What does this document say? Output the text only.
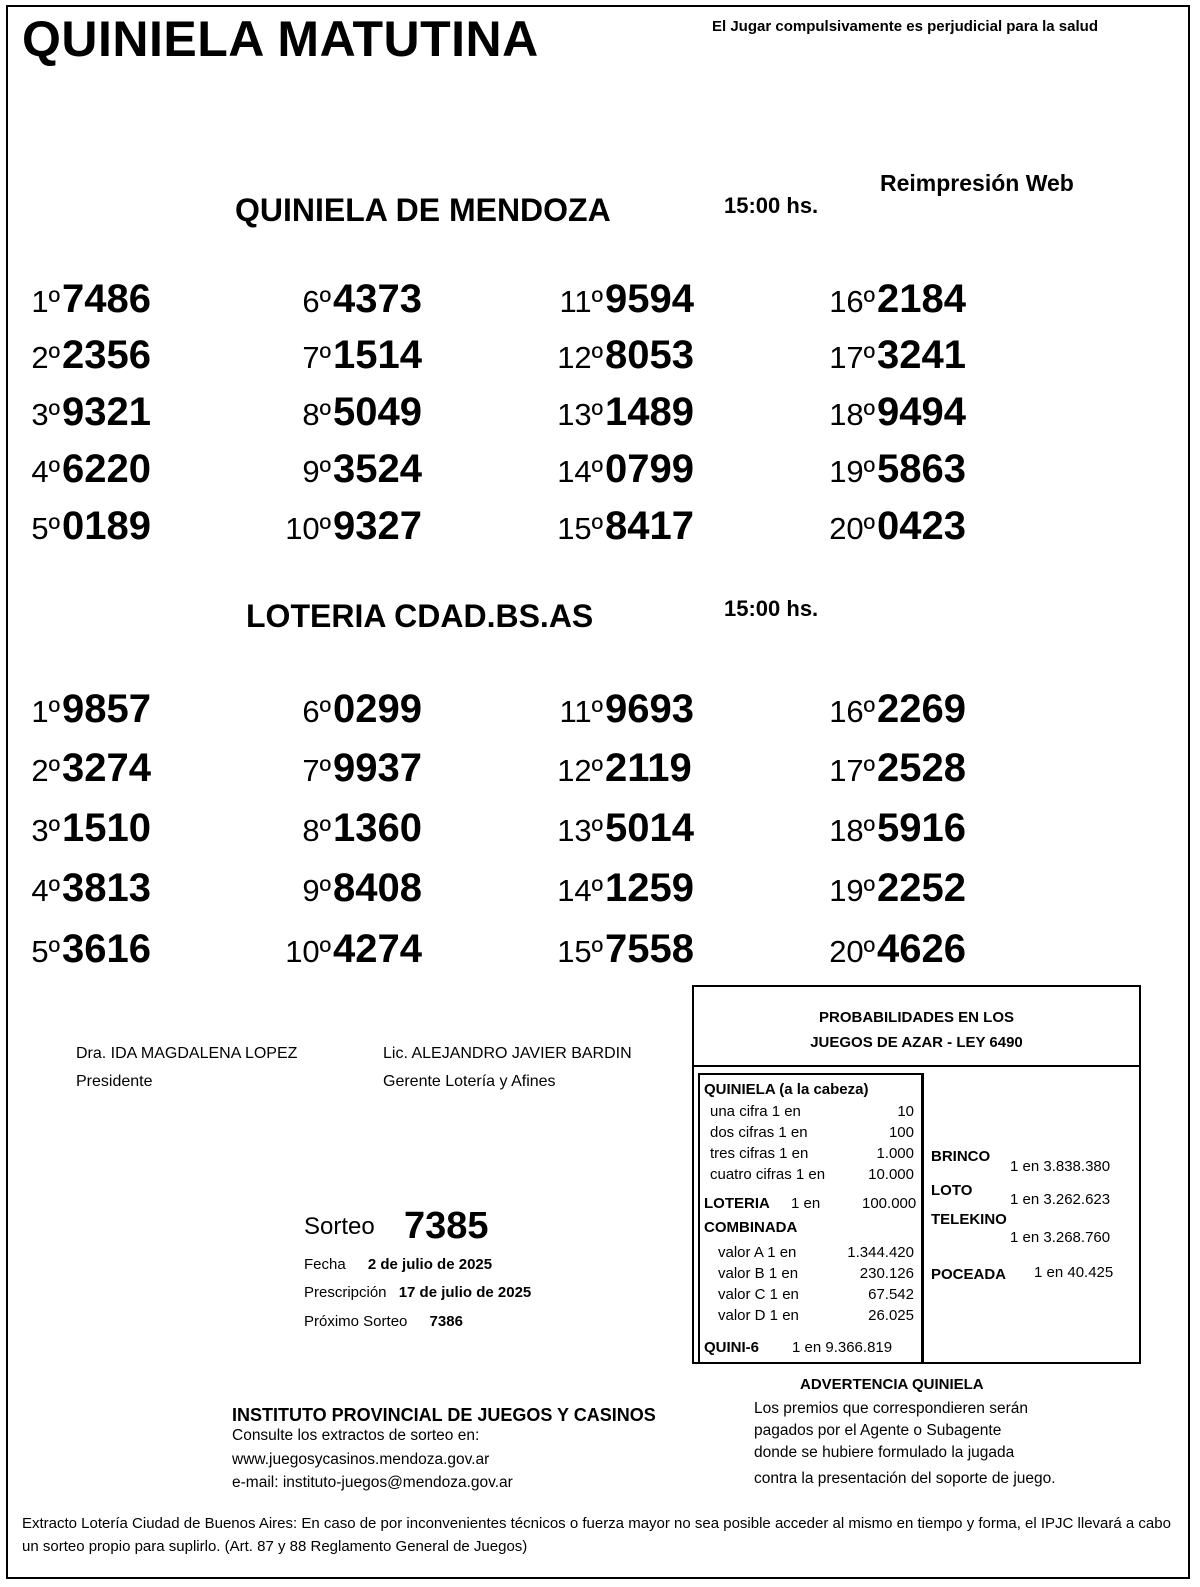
QUINIELA MATUTINA	El Jugar compulsivamente es perjudicial para la salud
Reimpresión Web
QUINIELA DE MENDOZA	15:00 hs.
1º 7486
2º 2356
3º 9321
4º 6220
5º 0189
6º 4373
7º 1514
8º 5049
9º 3524
10º 9327
11º 9594
12º 8053
13º 1489
14º 0799
15º 8417
16º 2184
17º 3241
18º 9494
19º 5863
20º 0423
LOTERIA CDAD.BS.AS	15:00 hs.
1º 9857
2º 3274
3º 1510
4º 3813
5º 3616
6º 0299
7º 9937
8º 1360
9º 8408
10º 4274
11º 9693
12º 2119
13º 5014
14º 1259
15º 7558
16º 2269
17º 2528
18º 5916
19º 2252
20º 4626
Dra. IDA MAGDALENA LOPEZ
Presidente
Lic. ALEJANDRO JAVIER BARDIN
Gerente Lotería y Afines
Sorteo 7385
Fecha 2 de julio de 2025
Prescripción 17 de julio de 2025
Próximo Sorteo 7386
PROBABILIDADES EN LOS
JUEGOS DE AZAR - LEY 6490
QUINIELA (a la cabeza)
una cifra 1 en	10
dos cifras 1 en	100
tres cifras 1 en	1.000
cuatro cifras 1 en	10.000
LOTERIA 1 en	100.000
COMBINADA
valor A 1 en	1.344.420
valor B 1 en	230.126
valor C 1 en	67.542
valor D 1 en	26.025
QUINI-6 1 en 9.366.819
BRINCO
1 en 3.838.380
LOTO
1 en 3.262.623
TELEKINO
1 en 3.268.760
POCEADA 1 en 40.425
ADVERTENCIA QUINIELA
Los premios que correspondieren serán
pagados por el Agente o Subagente
donde se hubiere formulado la jugada
contra la presentación del soporte de juego.
INSTITUTO PROVINCIAL DE JUEGOS Y CASINOS
Consulte los extractos de sorteo en:
www.juegosycasinos.mendoza.gov.ar
e-mail: instituto-juegos@mendoza.gov.ar
Extracto Lotería Ciudad de Buenos Aires: En caso de por inconvenientes técnicos o fuerza mayor no sea posible acceder al mismo en tiempo y forma, el IPJC llevará a cabo un sorteo propio para suplirlo. (Art. 87 y 88 Reglamento General de Juegos)
